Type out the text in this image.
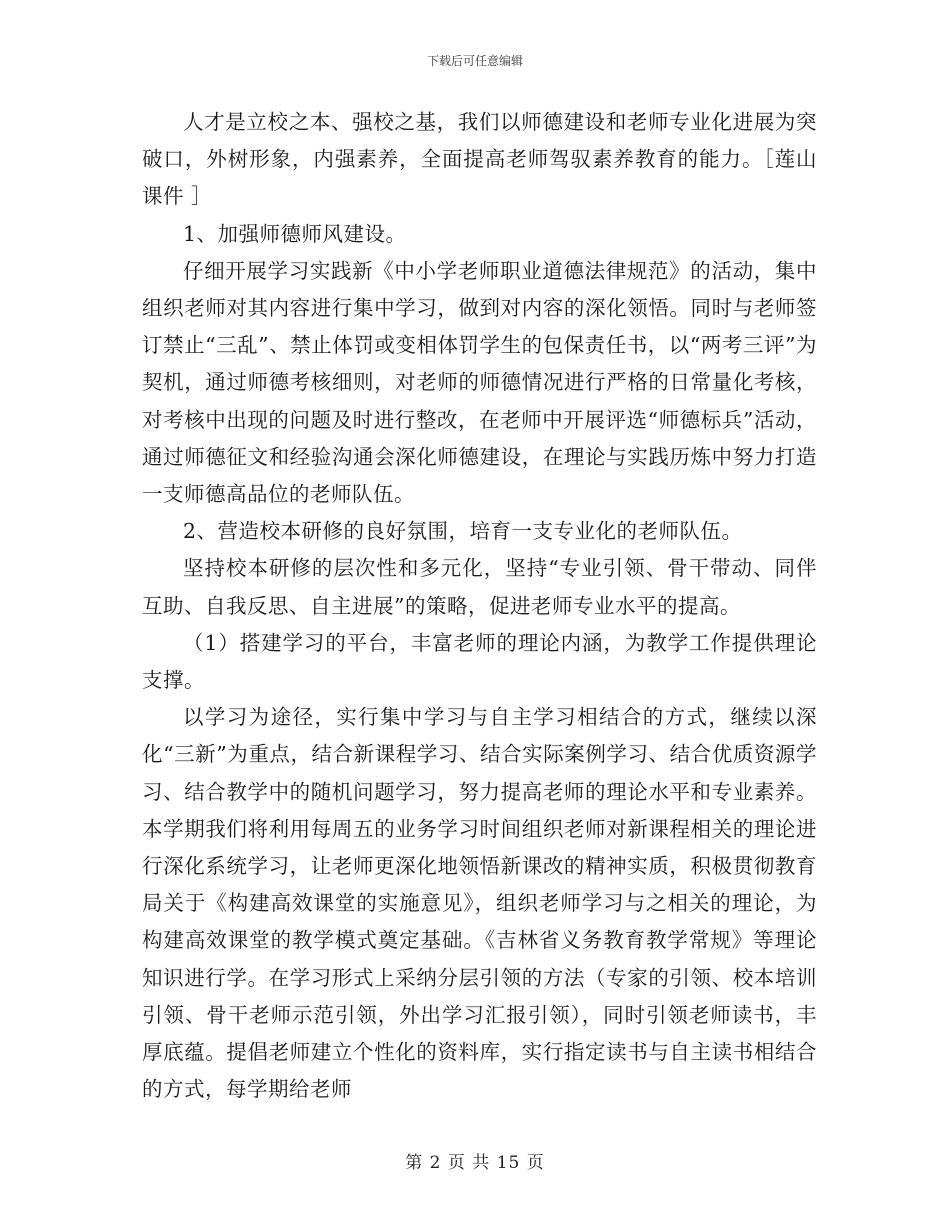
下载后可任意编辑

人才是立校之本、强校之基，我们以师德建设和老师专业化进展为突破口，外树形象，内强素养，全面提高老师驾驭素养教育的能力。［莲山 课件 ］

1、加强师德师风建设。

仔细开展学习实践新《中小学老师职业道德法律规范》的活动，集中组织老师对其内容进行集中学习，做到对内容的深化领悟。同时与老师签订禁止“三乱”、禁止体罚或变相体罚学生的包保责任书，以“两考三评”为契机，通过师德考核细则，对老师的师德情况进行严格的日常量化考核，对考核中出现的问题及时进行整改，在老师中开展评选“师德标兵”活动，通过师德征文和经验沟通会深化师德建设，在理论与实践历炼中努力打造一支师德高品位的老师队伍。

2、营造校本研修的良好氛围，培育一支专业化的老师队伍。

坚持校本研修的层次性和多元化，坚持“专业引领、骨干带动、同伴互助、自我反思、自主进展”的策略，促进老师专业水平的提高。

（1）搭建学习的平台，丰富老师的理论内涵，为教学工作提供理论支撑。

以学习为途径，实行集中学习与自主学习相结合的方式，继续以深化“三新”为重点，结合新课程学习、结合实际案例学习、结合优质资源学习、结合教学中的随机问题学习，努力提高老师的理论水平和专业素养。本学期我们将利用每周五的业务学习时间组织老师对新课程相关的理论进行深化系统学习，让老师更深化地领悟新课改的精神实质，积极贯彻教育局关于《构建高效课堂的实施意见》，组织老师学习与之相关的理论，为构建高效课堂的教学模式奠定基础。《吉林省义务教育教学常规》等理论知识进行学。在学习形式上采纳分层引领的方法（专家的引领、校本培训引领、骨干老师示范引领，外出学习汇报引领），同时引领老师读书，丰厚底蕴。提倡老师建立个性化的资料库，实行指定读书与自主读书相结合的方式，每学期给老师

第 2 页 共 15 页
